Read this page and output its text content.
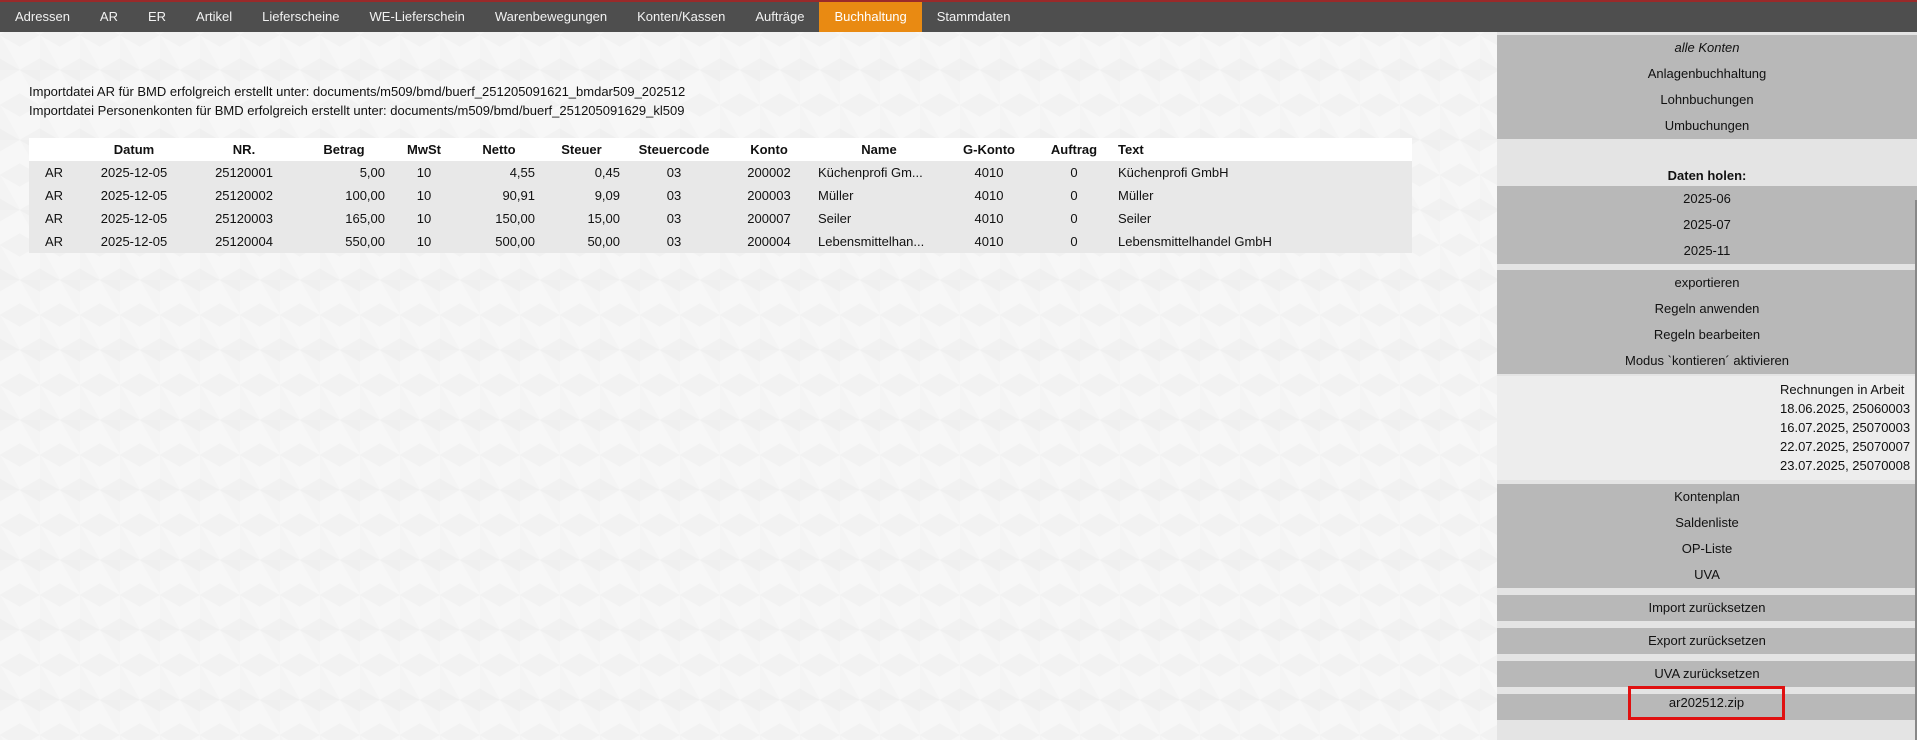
Adressen	AR	ER	Artikel	Lieferscheine	WE-Lieferschein	Warenbewegungen	Konten/Kassen	Aufträge	Buchhaltung	Stammdaten
Importdatei AR für BMD erfolgreich erstellt unter: documents/m509/bmd/buerf_251205091621_bmdar509_202512
Importdatei Personenkonten für BMD erfolgreich erstellt unter: documents/m509/bmd/buerf_251205091629_kl509
	Datum	NR.	Betrag	MwSt	Netto	Steuer	Steuercode	Konto	Name	G-Konto	Auftrag	Text
AR	2025-12-05	25120001	5,00	10	4,55	0,45	03	200002	Küchenprofi Gm...	4010	0	Küchenprofi GmbH
AR	2025-12-05	25120002	100,00	10	90,91	9,09	03	200003	Müller	4010	0	Müller
AR	2025-12-05	25120003	165,00	10	150,00	15,00	03	200007	Seiler	4010	0	Seiler
AR	2025-12-05	25120004	550,00	10	500,00	50,00	03	200004	Lebensmittelhan...	4010	0	Lebensmittelhandel GmbH
alle Konten
Anlagenbuchhaltung
Lohnbuchungen
Umbuchungen
Daten holen:
2025-06
2025-07
2025-11
exportieren
Regeln anwenden
Regeln bearbeiten
Modus `kontieren´ aktivieren
Rechnungen in Arbeit
18.06.2025, 25060003
16.07.2025, 25070003
22.07.2025, 25070007
23.07.2025, 25070008
Kontenplan
Saldenliste
OP-Liste
UVA
Import zurücksetzen
Export zurücksetzen
UVA zurücksetzen
ar202512.zip
